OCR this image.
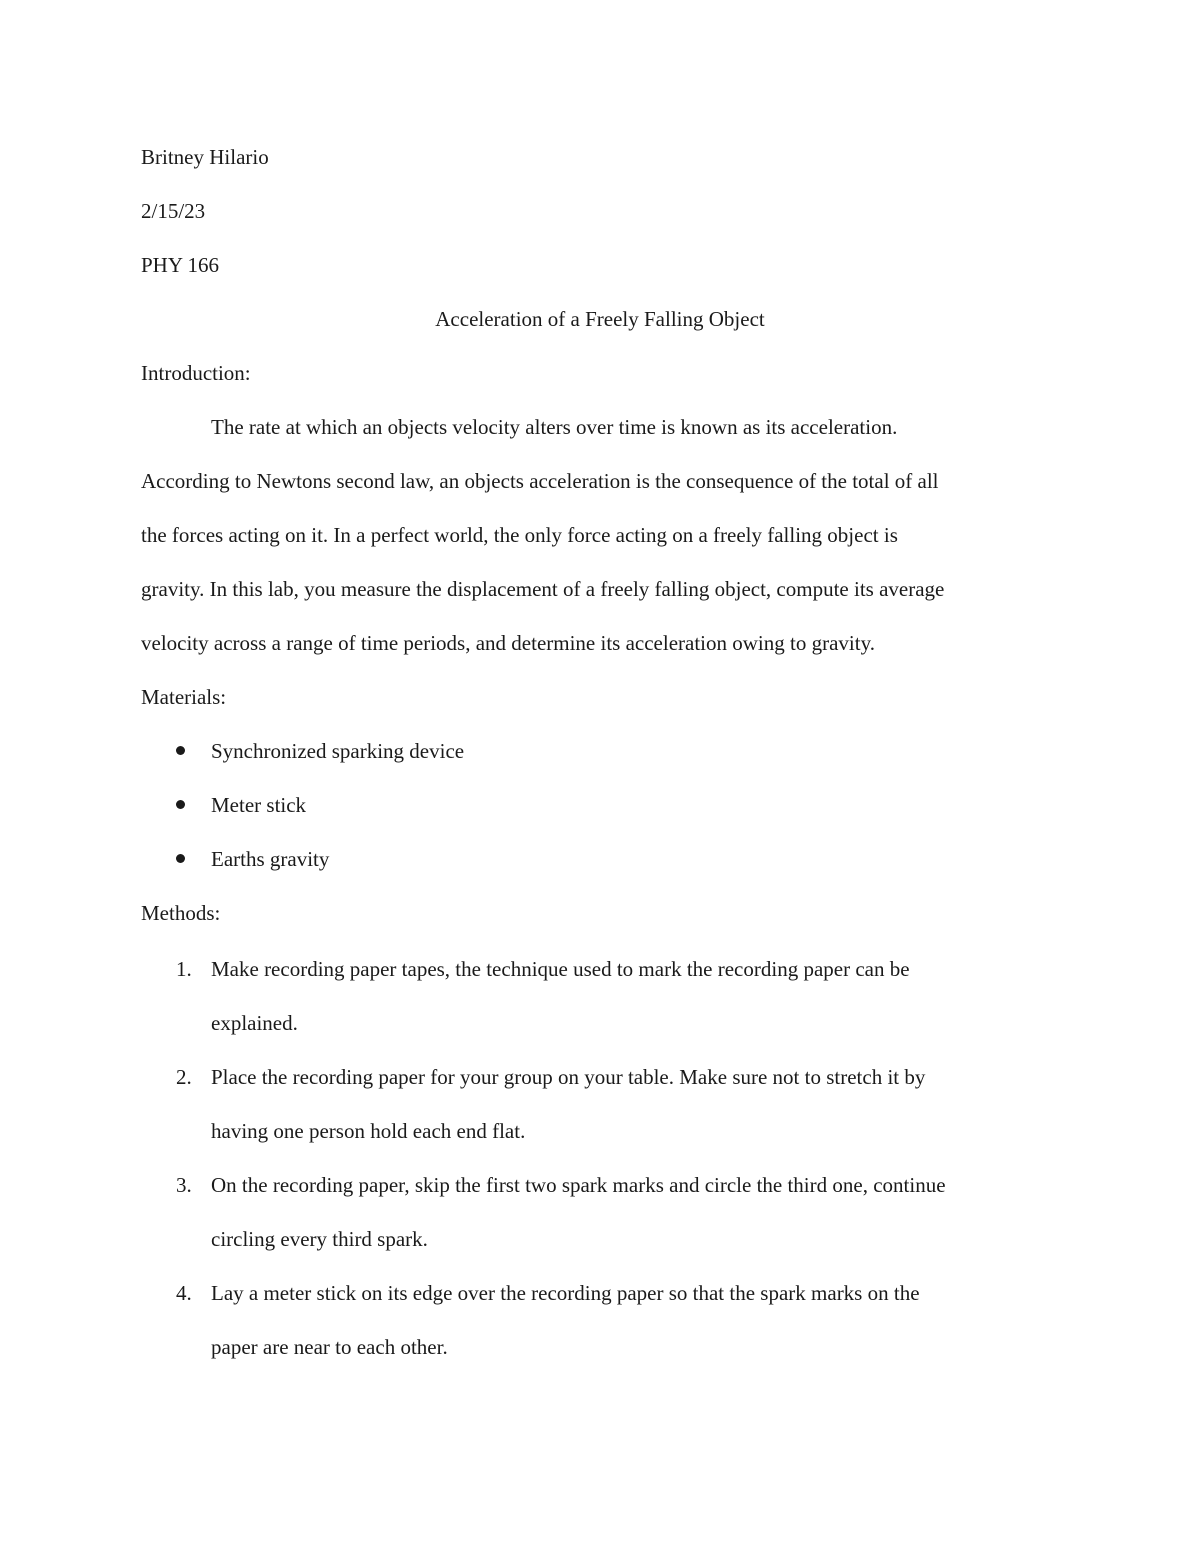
Britney Hilario
2/15/23
PHY 166
Acceleration of a Freely Falling Object
Introduction:
The rate at which an objects velocity alters over time is known as its acceleration.
According to Newtons second law, an objects acceleration is the consequence of the total of all
the forces acting on it. In a perfect world, the only force acting on a freely falling object is
gravity. In this lab, you measure the displacement of a freely falling object, compute its average
velocity across a range of time periods, and determine its acceleration owing to gravity.
Materials:
Synchronized sparking device
Meter stick
Earths gravity
Methods:
1. Make recording paper tapes, the technique used to mark the recording paper can be
explained.
2. Place the recording paper for your group on your table. Make sure not to stretch it by
having one person hold each end flat.
3. On the recording paper, skip the first two spark marks and circle the third one, continue
circling every third spark.
4. Lay a meter stick on its edge over the recording paper so that the spark marks on the
paper are near to each other.
